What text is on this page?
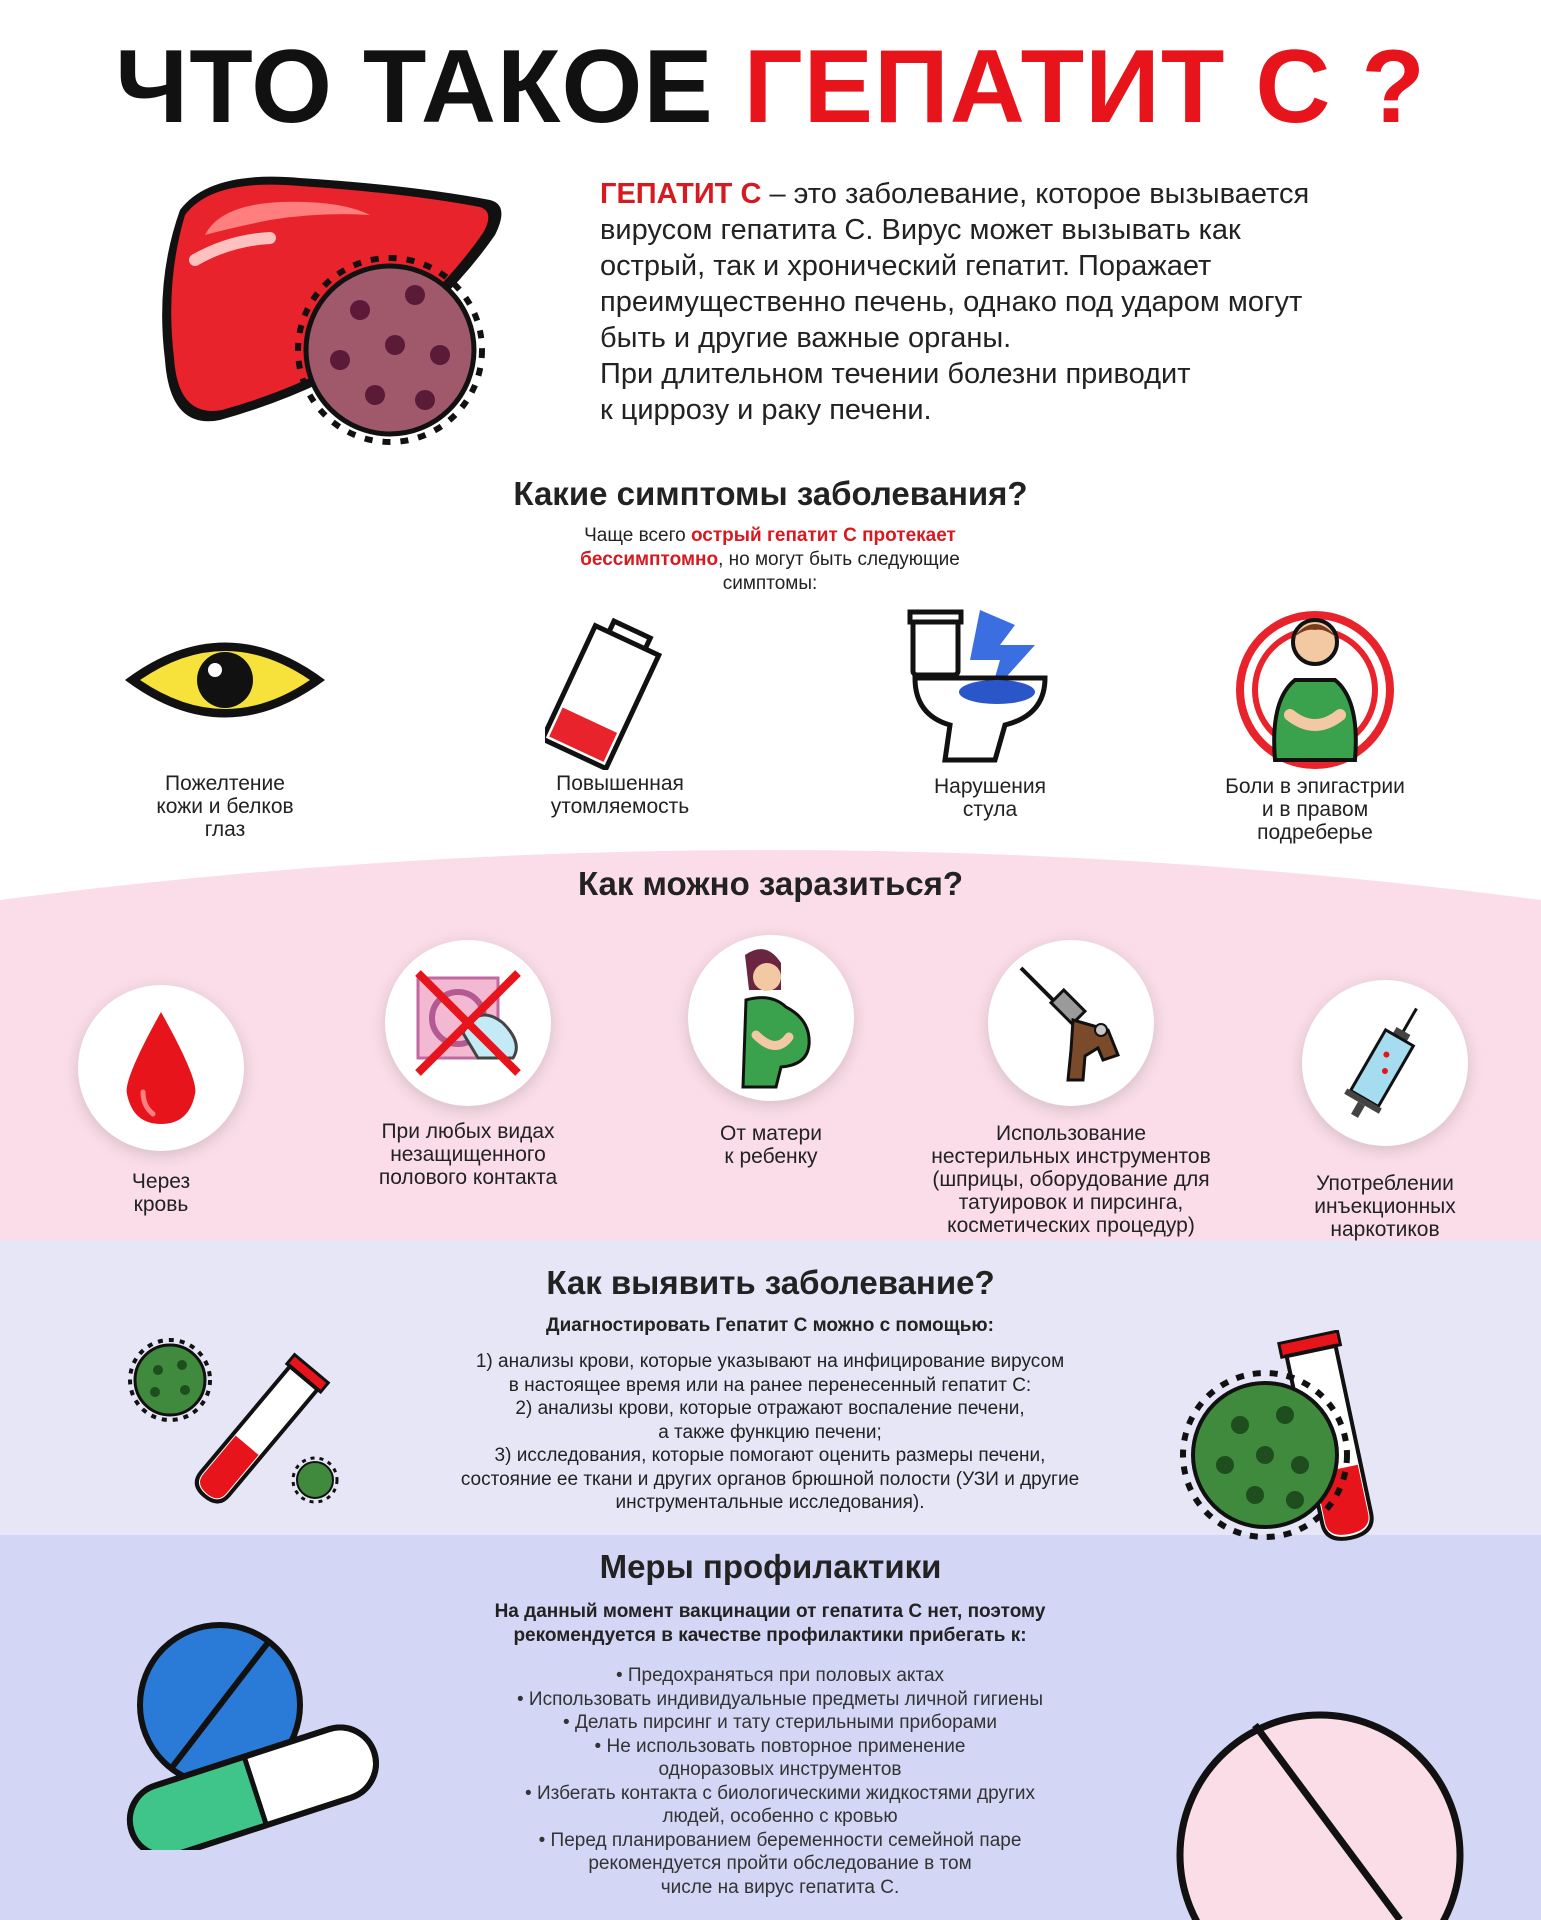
ЧТО ТАКОЕ ГЕПАТИТ С ?
ГЕПАТИТ С – это заболевание, которое вызывается
вирусом гепатита С. Вирус может вызывать как
острый, так и хронический гепатит. Поражает
преимущественно печень, однако под ударом могут
быть и другие важные органы.
При длительном течении болезни приводит
к циррозу и раку печени.
Какие симптомы заболевания?
Чаще всего острый гепатит С протекает
бессимптомно, но могут быть следующие
симптомы:
Пожелтение
кожи и белков
глаз
Повышенная
утомляемость
Нарушения
стула
Боли в эпигастрии
и в правом
подреберье
Как можно заразиться?
Через
кровь
При любых видах
незащищенного
полового контакта
От матери
к ребенку
Использование
нестерильных инструментов
(шприцы, оборудование для
татуировок и пирсинга,
косметических процедур)
Употреблении
инъекционных
наркотиков
Как выявить заболевание?
Диагностировать Гепатит С можно с помощью:
1) анализы крови, которые указывают на инфицирование вирусом
в настоящее время или на ранее перенесенный гепатит С:
2) анализы крови, которые отражают воспаление печени,
а также функцию печени;
3) исследования, которые помогают оценить размеры печени,
состояние ее ткани и других органов брюшной полости (УЗИ и другие
инструментальные исследования).
Меры профилактики
На данный момент вакцинации от гепатита С нет, поэтому
рекомендуется в качестве профилактики прибегать к:
• Предохраняться при половых актах
• Использовать индивидуальные предметы личной гигиены
• Делать пирсинг и тату стерильными приборами
• Не использовать повторное применение
одноразовых инструментов
• Избегать контакта с биологическими жидкостями других
людей, особенно с кровью
• Перед планированием беременности семейной паре
рекомендуется пройти обследование в том
числе на вирус гепатита С.
